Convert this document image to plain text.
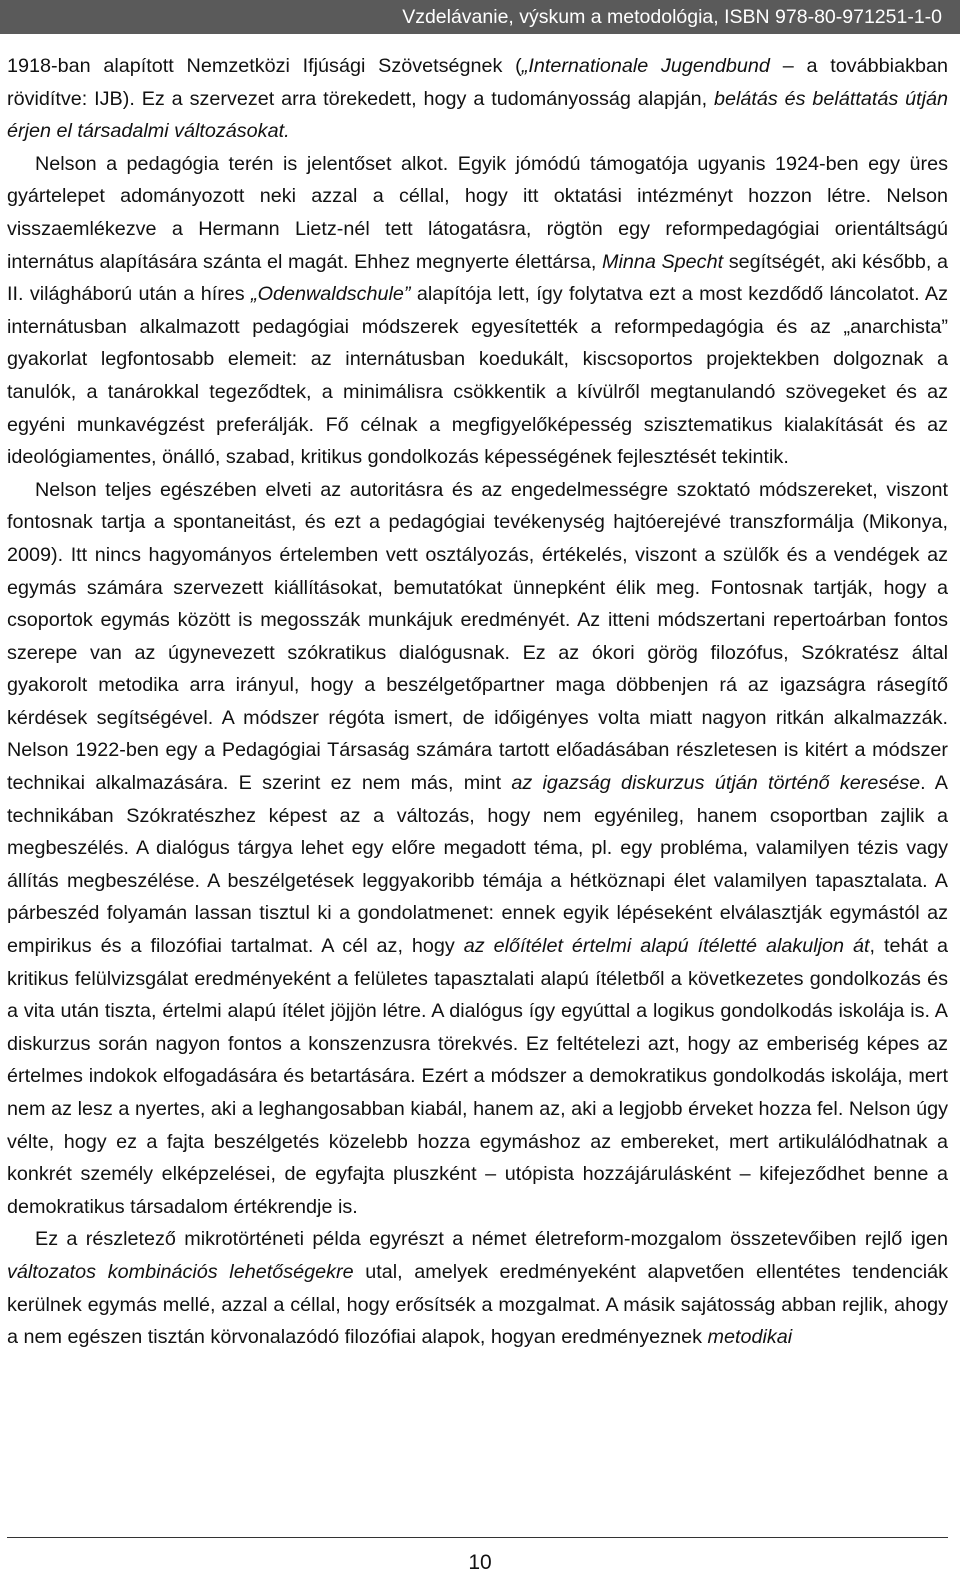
Vzdelávanie, výskum a metodológia, ISBN 978-80-971251-1-0

1918-ban alapított Nemzetközi Ifjúsági Szövetségnek („Internationale Jugendbund – a továbbiakban rövidítve: IJB). Ez a szervezet arra törekedett, hogy a tudományosság alapján, belátás és beláttatás útján érjen el társadalmi változásokat.

Nelson a pedagógia terén is jelentőset alkot. Egyik jómódú támogatója ugyanis 1924-ben egy üres gyártelepet adományozott neki azzal a céllal, hogy itt oktatási intézményt hozzon létre. Nelson visszaemlékezve a Hermann Lietz-nél tett látogatásra, rögtön egy reformpedagógiai orientáltságú internátus alapítására szánta el magát. Ehhez megnyerte élettársa, Minna Specht segítségét, aki később, a II. világháború után a híres „Odenwaldschule” alapítója lett, így folytatva ezt a most kezdődő láncolatot. Az internátusban alkalmazott pedagógiai módszerek egyesítették a reformpedagógia és az „anarchista” gyakorlat legfontosabb elemeit: az internátusban koedukált, kiscsoportos projektekben dolgoznak a tanulók, a tanárokkal tegeződtek, a minimálisra csökkentik a kívülről megtanulandó szövegeket és az egyéni munkavégzést preferálják. Fő célnak a megfigyelőképesség szisztematikus kialakítását és az ideológiamentes, önálló, szabad, kritikus gondolkozás képességének fejlesztését tekintik.

Nelson teljes egészében elveti az autoritásra és az engedelmességre szoktató módszereket, viszont fontosnak tartja a spontaneitást, és ezt a pedagógiai tevékenység hajtóerejévé transzformálja (Mikonya, 2009). Itt nincs hagyományos értelemben vett osztályozás, értékelés, viszont a szülők és a vendégek az egymás számára szervezett kiállításokat, bemutatókat ünnepként élik meg. Fontosnak tartják, hogy a csoportok egymás között is megosszák munkájuk eredményét. Az itteni módszertani repertoárban fontos szerepe van az úgynevezett szókratikus dialógusnak. Ez az ókori görög filozófus, Szókratész által gyakorolt metodika arra irányul, hogy a beszélgetőpartner maga döbbenjen rá az igazságra rásegítő kérdések segítségével. A módszer régóta ismert, de időigényes volta miatt nagyon ritkán alkalmazzák. Nelson 1922-ben egy a Pedagógiai Társaság számára tartott előadásában részletesen is kitért a módszer technikai alkalmazására. E szerint ez nem más, mint az igazság diskurzus útján történő keresése. A technikában Szókratészhez képest az a változás, hogy nem egyénileg, hanem csoportban zajlik a megbeszélés. A dialógus tárgya lehet egy előre megadott téma, pl. egy probléma, valamilyen tézis vagy állítás megbeszélése. A beszélgetések leggyakoribb témája a hétköznapi élet valamilyen tapasztalata. A párbeszéd folyamán lassan tisztul ki a gondolatmenet: ennek egyik lépéseként elválasztják egymástól az empirikus és a filozófiai tartalmat. A cél az, hogy az előítélet értelmi alapú ítéletté alakuljon át, tehát a kritikus felülvizsgálat eredményeként a felületes tapasztalati alapú ítéletből a következetes gondolkozás és a vita után tiszta, értelmi alapú ítélet jöjjön létre. A dialógus így egyúttal a logikus gondolkodás iskolája is. A diskurzus során nagyon fontos a konszenzusra törekvés. Ez feltételezi azt, hogy az emberiség képes az értelmes indokok elfogadására és betartására. Ezért a módszer a demokratikus gondolkodás iskolája, mert nem az lesz a nyertes, aki a leghangosabban kiabál, hanem az, aki a legjobb érveket hozza fel. Nelson úgy vélte, hogy ez a fajta beszélgetés közelebb hozza egymáshoz az embereket, mert artikulálódhatnak a konkrét személy elképzelései, de egyfajta pluszként – utópista hozzájárulásként – kifejeződhet benne a demokratikus társadalom értékrendje is.

Ez a részletező mikrotörténeti példa egyrészt a német életreform-mozgalom összetevőiben rejlő igen változatos kombinációs lehetőségekre utal, amelyek eredményeként alapvetően ellentétes tendenciák kerülnek egymás mellé, azzal a céllal, hogy erősítsék a mozgalmat. A másik sajátosság abban rejlik, ahogy a nem egészen tisztán körvonalazódó filozófiai alapok, hogyan eredményeznek metodikai

10
